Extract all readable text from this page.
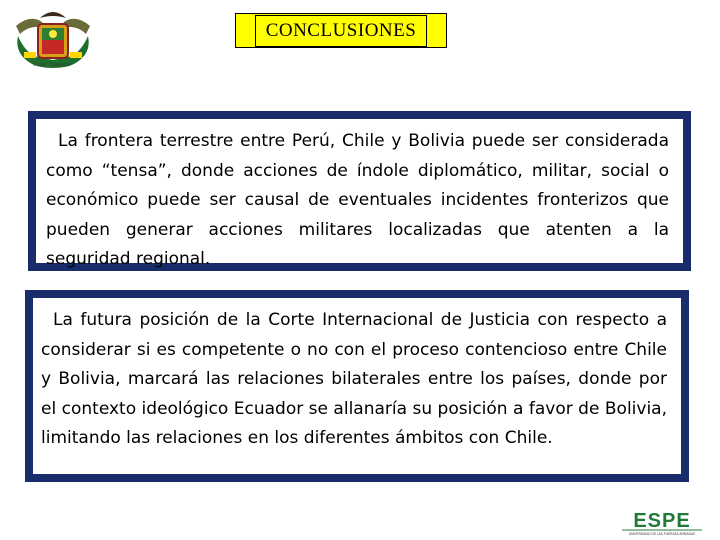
CC.EE. · COMANDO
CONCLUSIONES

La frontera terrestre entre Perú, Chile y Bolivia puede ser considerada como “tensa”, donde acciones de índole diplomático, militar, social o económico puede ser causal de eventuales incidentes fronterizos que pueden generar acciones militares localizadas que atenten a la seguridad regional.

La futura posición de la Corte Internacional de Justicia con respecto a considerar si es competente o no con el proceso contencioso entre Chile y Bolivia, marcará las relaciones bilaterales entre los países, donde por el contexto ideológico Ecuador se allanaría su posición a favor de Bolivia, limitando las relaciones en los diferentes ámbitos con Chile.

ESPE
UNIVERSIDAD DE LAS FUERZAS ARMADAS
